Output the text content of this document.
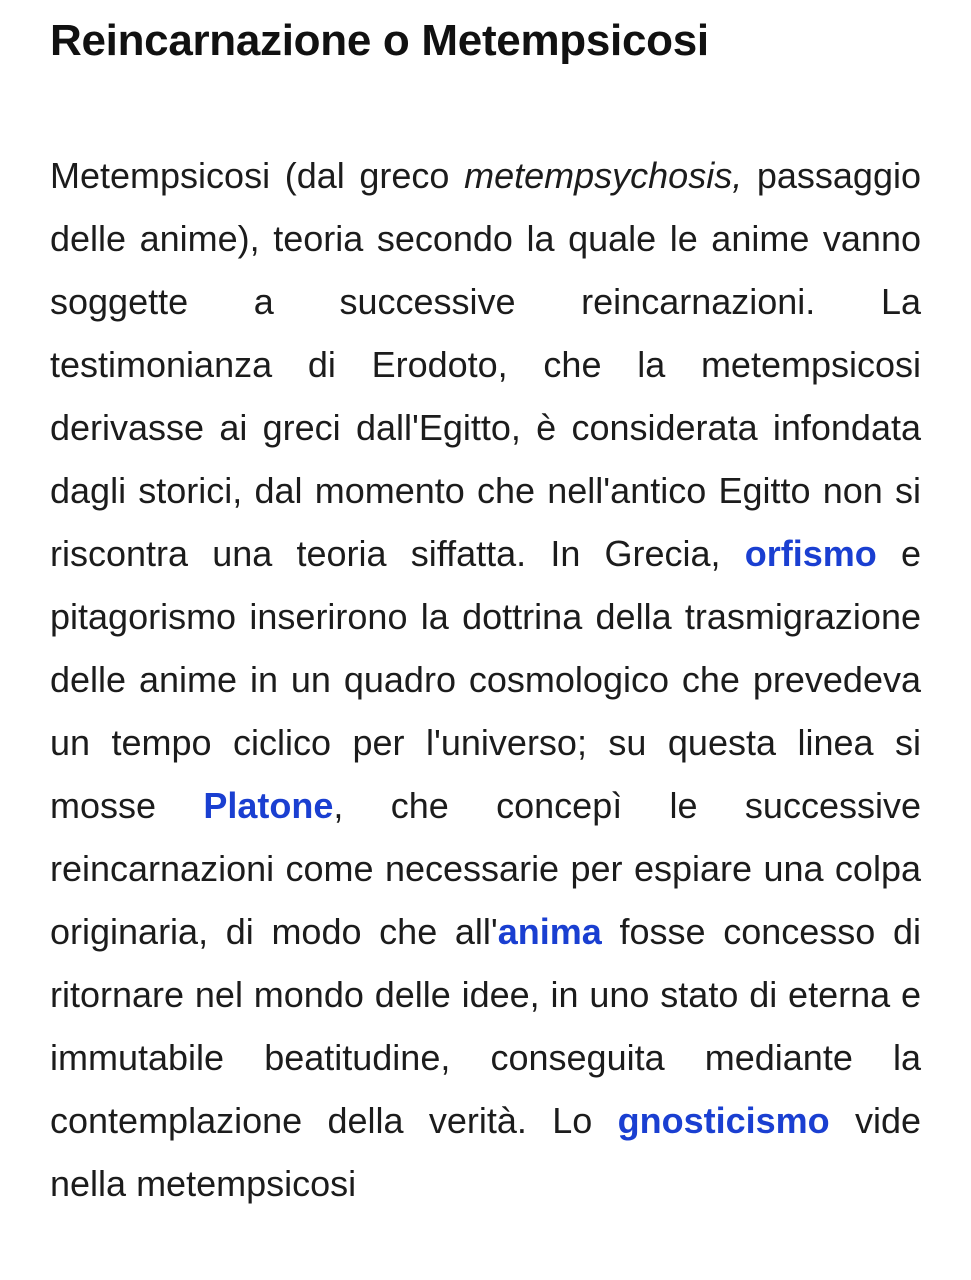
Reincarnazione o Metempsicosi

Metempsicosi (dal greco metempsychosis, passaggio delle anime), teoria secondo la quale le anime vanno soggette a successive reincarnazioni. La testimonianza di Erodoto, che la metempsicosi derivasse ai greci dall'Egitto, è considerata infondata dagli storici, dal momento che nell'antico Egitto non si riscontra una teoria siffatta. In Grecia, orfismo e pitagorismo inserirono la dottrina della trasmigrazione delle anime in un quadro cosmologico che prevedeva un tempo ciclico per l'universo; su questa linea si mosse Platone, che concepì le successive reincarnazioni come necessarie per espiare una colpa originaria, di modo che all'anima fosse concesso di ritornare nel mondo delle idee, in uno stato di eterna e immutabile beatitudine, conseguita mediante la contemplazione della verità. Lo gnosticismo vide nella metempsicosi
